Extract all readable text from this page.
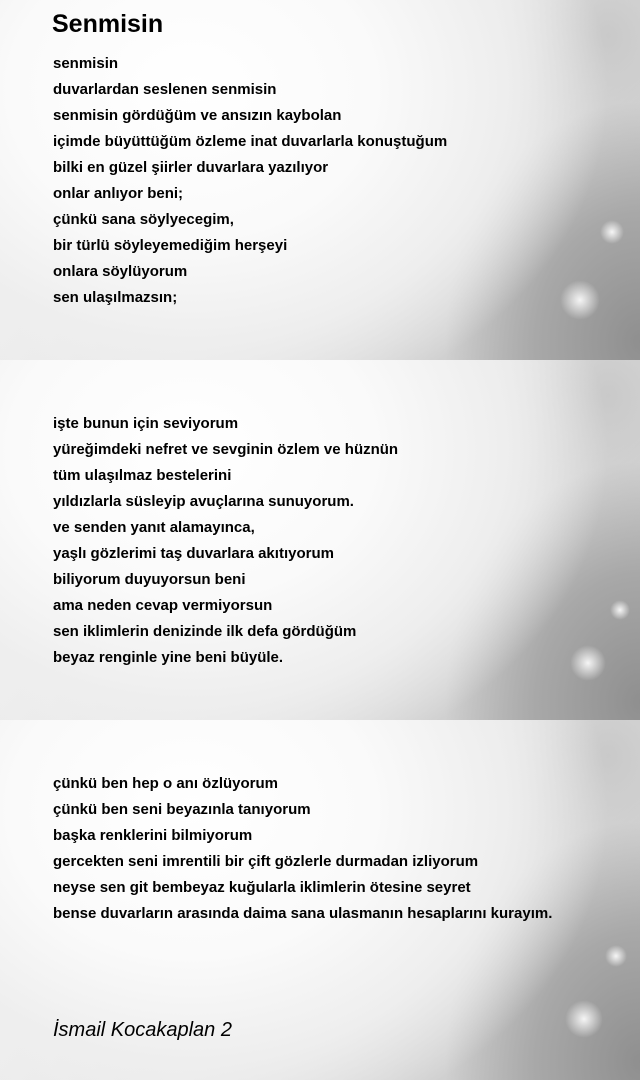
Senmisin
senmisin
duvarlardan seslenen senmisin
senmisin gördüğüm ve ansızın kaybolan
içimde büyüttüğüm özleme inat duvarlarla konuştuğum
bilki en güzel şiirler duvarlara yazılıyor
onlar anlıyor beni;
çünkü sana söylyecegim,
bir türlü söyleyemediğim herşeyi
onlara söylüyorum
sen ulaşılmazsın;
işte bunun için seviyorum
yüreğimdeki nefret ve sevginin özlem ve hüznün
tüm ulaşılmaz bestelerini
yıldızlarla süsleyip avuçlarına sunuyorum.
ve senden yanıt alamayınca,
yaşlı gözlerimi taş duvarlara akıtıyorum
biliyorum duyuyorsun beni
ama neden cevap vermiyorsun
sen iklimlerin denizinde ilk defa gördüğüm
beyaz renginle yine beni büyüle.
çünkü ben hep o anı özlüyorum
çünkü ben seni beyazınla tanıyorum
başka renklerini bilmiyorum
gercekten seni imrentili bir çift gözlerle durmadan izliyorum
neyse sen git bembeyaz kuğularla iklimlerin ötesine seyret
bense duvarların arasında daima sana ulasmanın hesaplarını kurayım.

İsmail Kocakaplan 2
